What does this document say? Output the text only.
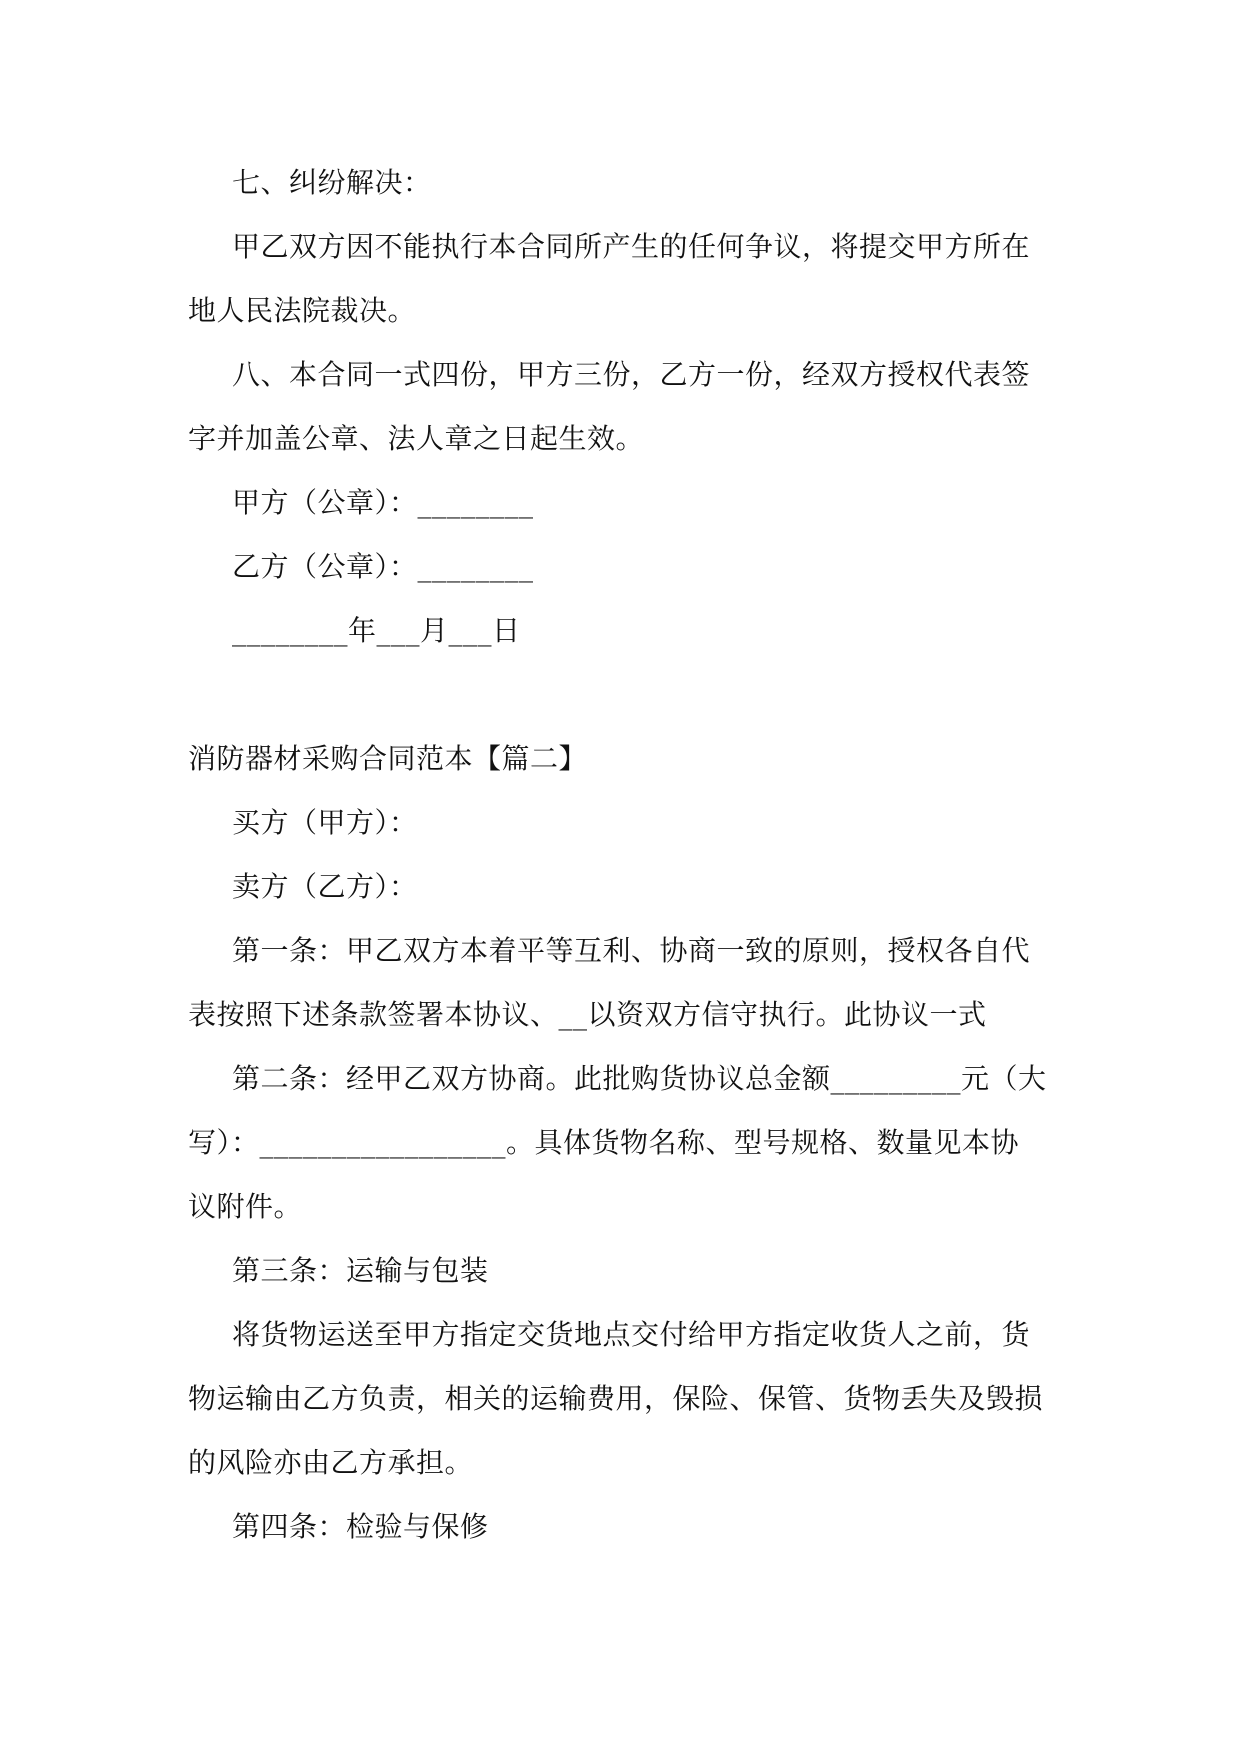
七、纠纷解决：
甲乙双方因不能执行本合同所产生的任何争议，将提交甲方所在
地人民法院裁决。
八、本合同一式四份，甲方三份，乙方一份，经双方授权代表签
字并加盖公章、法人章之日起生效。
甲方（公章）：________
乙方（公章）：________
________年___月___日
消防器材采购合同范本【篇二】
买方（甲方）：
卖方（乙方）：
第一条：甲乙双方本着平等互利、协商一致的原则，授权各自代
表按照下述条款签署本协议、__以资双方信守执行。此协议一式
第二条：经甲乙双方协商。此批购货协议总金额_________元（大
写）：_________________。具体货物名称、型号规格、数量见本协
议附件。
第三条：运输与包装
将货物运送至甲方指定交货地点交付给甲方指定收货人之前，货
物运输由乙方负责，相关的运输费用，保险、保管、货物丢失及毁损
的风险亦由乙方承担。
第四条：检验与保修
